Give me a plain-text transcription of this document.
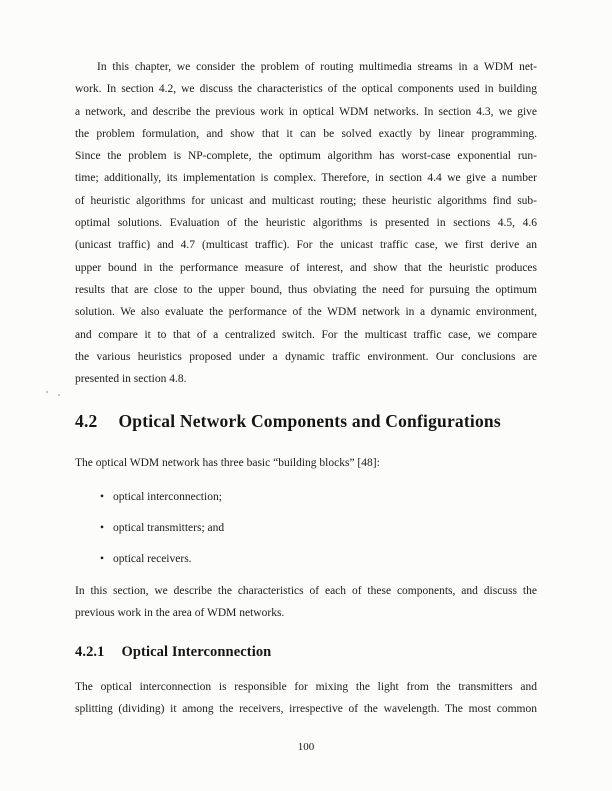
In this chapter, we consider the problem of routing multimedia streams in a WDM net-
work. In section 4.2, we discuss the characteristics of the optical components used in building
a network, and describe the previous work in optical WDM networks. In section 4.3, we give
the problem formulation, and show that it can be solved exactly by linear programming.
Since the problem is NP-complete, the optimum algorithm has worst-case exponential run-
time; additionally, its implementation is complex. Therefore, in section 4.4 we give a number
of heuristic algorithms for unicast and multicast routing; these heuristic algorithms find sub-
optimal solutions. Evaluation of the heuristic algorithms is presented in sections 4.5, 4.6
(unicast traffic) and 4.7 (multicast traffic). For the unicast traffic case, we first derive an
upper bound in the performance measure of interest, and show that the heuristic produces
results that are close to the upper bound, thus obviating the need for pursuing the optimum
solution. We also evaluate the performance of the WDM network in a dynamic environment,
and compare it to that of a centralized switch. For the multicast traffic case, we compare
the various heuristics proposed under a dynamic traffic environment. Our conclusions are
presented in section 4.8.
4.2 Optical Network Components and Configurations
The optical WDM network has three basic “building blocks” [48]:
• optical interconnection;
• optical transmitters; and
• optical receivers.
In this section, we describe the characteristics of each of these components, and discuss the
previous work in the area of WDM networks.
4.2.1 Optical Interconnection
The optical interconnection is responsible for mixing the light from the transmitters and
splitting (dividing) it among the receivers, irrespective of the wavelength. The most common
100
